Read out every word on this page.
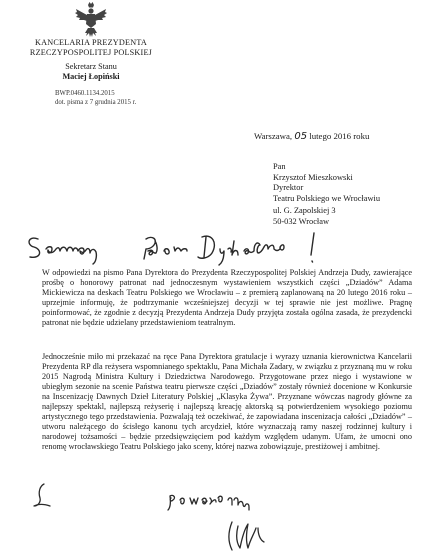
KANCELARIA PREZYDENTA
RZECZYPOSPOLITEJ POLSKIEJ
Sekretarz Stanu
Maciej Łopiński
BWP.0460.1134.2015
dot. pisma z 7 grudnia 2015 r.
Warszawa, 05 lutego 2016 roku
Pan
Krzysztof Mieszkowski
Dyrektor
Teatru Polskiego we Wrocławiu
ul. G. Zapolskiej 3
50-032 Wrocław
W odpowiedzi na pismo Pana Dyrektora do Prezydenta Rzeczypospolitej Polskiej Andrzeja Dudy, zawierające prośbę o honorowy patronat nad jednoczesnym wystawieniem wszystkich części „Dziadów” Adama Mickiewicza na deskach Teatru Polskiego we Wrocławiu – z premierą zaplanowaną na 20 lutego 2016 roku – uprzejmie informuję, że podtrzymanie wcześniejszej decyzji w tej sprawie nie jest możliwe. Pragnę poinformować, że zgodnie z decyzją Prezydenta Andrzeja Dudy przyjęta została ogólna zasada, że prezydencki patronat nie będzie udzielany przedstawieniom teatralnym.
Jednocześnie miło mi przekazać na ręce Pana Dyrektora gratulacje i wyrazy uznania kierownictwa Kancelarii Prezydenta RP dla reżysera wspomnianego spektaklu, Pana Michała Zadary, w związku z przyznaną mu w roku 2015 Nagrodą Ministra Kultury i Dziedzictwa Narodowego. Przygotowane przez niego i wystawione w ubiegłym sezonie na scenie Państwa teatru pierwsze części „Dziadów” zostały również docenione w Konkursie na Inscenizację Dawnych Dzieł Literatury Polskiej „Klasyka Żywa”. Przyznane wówczas nagrody główne za najlepszy spektakl, najlepszą reżyserię i najlepszą kreację aktorską są potwierdzeniem wysokiego poziomu artystycznego tego przedstawienia. Pozwalają też oczekiwać, że zapowiadana inscenizacja całości „Dziadów” – utworu należącego do ścisłego kanonu tych arcydzieł, które wyznaczają ramy naszej rodzinnej kultury i narodowej tożsamości – będzie przedsięwzięciem pod każdym względem udanym. Ufam, że umocni ono renomę wrocławskiego Teatru Polskiego jako sceny, której nazwa zobowiązuje, prestiżowej i ambitnej.
